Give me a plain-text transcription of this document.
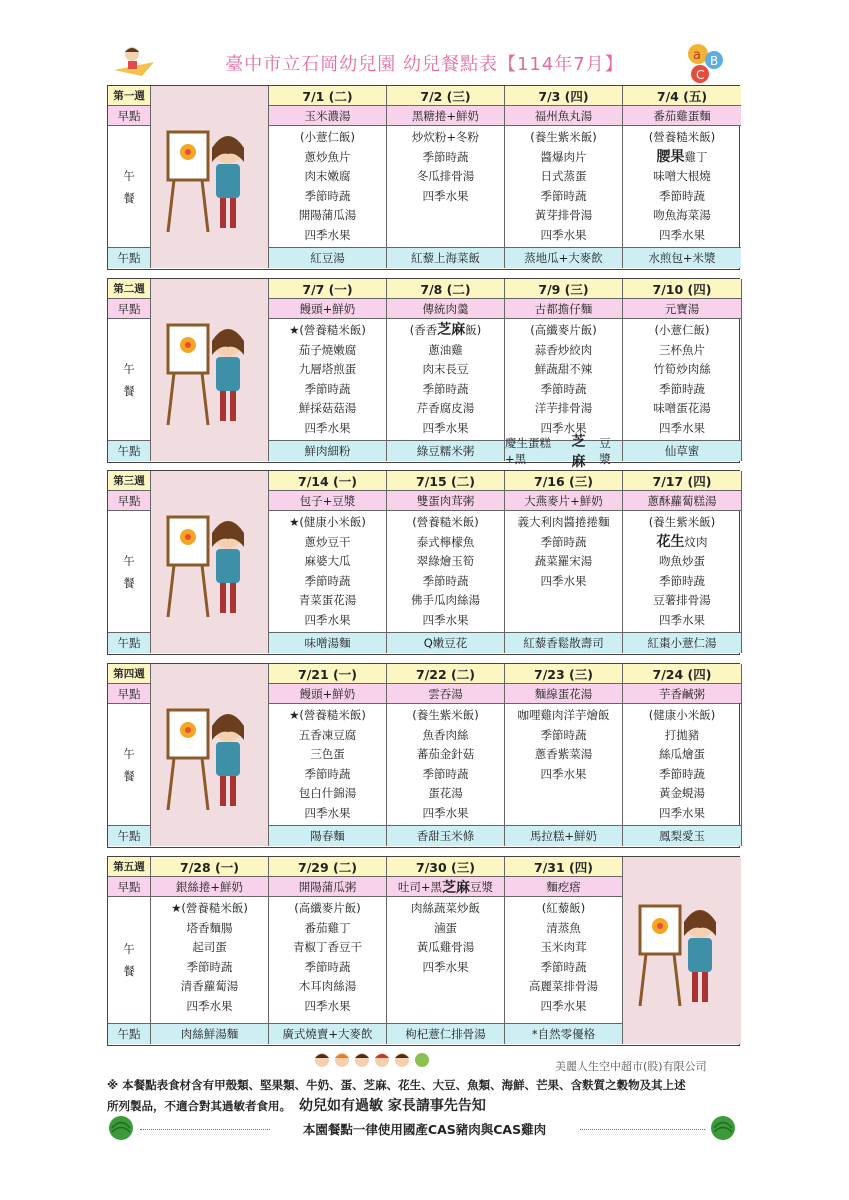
臺中市立石岡幼兒園 幼兒餐點表【114年7月】	a B
C
第一週
早點
午
餐
午點
7/1 (二)
玉米濃湯
(小薏仁飯)
蔥炒魚片
肉末嫩腐
季節時蔬
開陽蒲瓜湯
四季水果
紅豆湯
7/2 (三)
黑糖捲+鮮奶
炒炊粉+冬粉
季節時蔬
冬瓜排骨湯
四季水果
紅藜上海菜飯
7/3 (四)
福州魚丸湯
(養生紫米飯)
醬爆肉片
日式蒸蛋
季節時蔬
黃芽排骨湯
四季水果
蒸地瓜+大麥飲
7/4 (五)
番茄雞蛋麵
(營養糙米飯)
腰果雞丁
味噌大根燒
季節時蔬
吻魚海菜湯
四季水果
水煎包+米漿
第二週
早點
午
餐
午點
7/7 (一)
饅頭+鮮奶
★(營養糙米飯)
茄子燒嫩腐
九層塔煎蛋
季節時蔬
鮮採菇菇湯
四季水果
鮮肉細粉
7/8 (二)
傳統肉羹
(香香芝麻飯)
蔥油雞
肉末長豆
季節時蔬
芹香腐皮湯
四季水果
綠豆糯米粥
7/9 (三)
古都擔仔麵
(高纖麥片飯)
蒜香炒絞肉
鮮蔬甜不辣
季節時蔬
洋芋排骨湯
四季水果
慶生蛋糕+黑
芝麻
豆漿
7/10 (四)
元寶湯
(小薏仁飯)
三杯魚片
竹筍炒肉絲
季節時蔬
味噌蛋花湯
四季水果
仙草蜜
第三週
早點
午
餐
午點
7/14 (一)
包子+豆漿
★(健康小米飯)
蔥炒豆干
麻婆大瓜
季節時蔬
青菜蛋花湯
四季水果
味噌湯麵
7/15 (二)
雙蛋肉茸粥
(營養糙米飯)
泰式檸檬魚
翠綠燴玉筍
季節時蔬
佛手瓜肉絲湯
四季水果
Q嫩豆花
7/16 (三)
大燕麥片+鮮奶
義大利肉醬捲捲麵
季節時蔬
蔬菜羅宋湯
四季水果
紅藜香鬆散壽司
7/17 (四)
蔥酥蘿蔔糕湯
(養生紫米飯)
花生炆肉
吻魚炒蛋
季節時蔬
豆薯排骨湯
四季水果
紅棗小薏仁湯
第四週
早點
午
餐
午點
7/21 (一)
饅頭+鮮奶
★(營養糙米飯)
五香凍豆腐
三色蛋
季節時蔬
包白什錦湯
四季水果
陽春麵
7/22 (二)
雲吞湯
(養生紫米飯)
魚香肉絲
蕃茄金針菇
季節時蔬
蛋花湯
四季水果
香甜玉米條
7/23 (三)
麵線蛋花湯
咖哩雞肉洋芋燴飯
季節時蔬
蔥香紫菜湯
四季水果
馬拉糕+鮮奶
7/24 (四)
芋香鹹粥
(健康小米飯)
打拋豬
絲瓜燴蛋
季節時蔬
黃金蜆湯
四季水果
鳳梨愛玉
第五週
早點
午
餐
午點
7/28 (一)
銀絲捲+鮮奶
★(營養糙米飯)
塔香麵腸
起司蛋
季節時蔬
清香蘿蔔湯
四季水果
肉絲鮮湯麵
7/29 (二)
開陽蒲瓜粥
(高纖麥片飯)
番茄雞丁
青椒丁香豆干
季節時蔬
木耳肉絲湯
四季水果
廣式燒賣+大麥飲
7/30 (三)
吐司+黑 芝麻 豆漿
肉絲蔬菜炒飯
滷蛋
黃瓜雞骨湯
四季水果
枸杞薏仁排骨湯
7/31 (四)
麵疙瘩
(紅藜飯)
清蒸魚
玉米肉茸
季節時蔬
高麗菜排骨湯
四季水果
*自然零優格
美麗人生空中超市(股)有限公司
※ 本餐點表食材含有甲殼類、堅果類、牛奶、蛋、芝麻、花生、大豆、魚類、海鮮、芒果、含麩質之穀物及其上述
所列製品，不適合對其過敏者食用。 幼兒如有過敏 家長請事先告知
本園餐點一律使用國產CAS豬肉與CAS雞肉
